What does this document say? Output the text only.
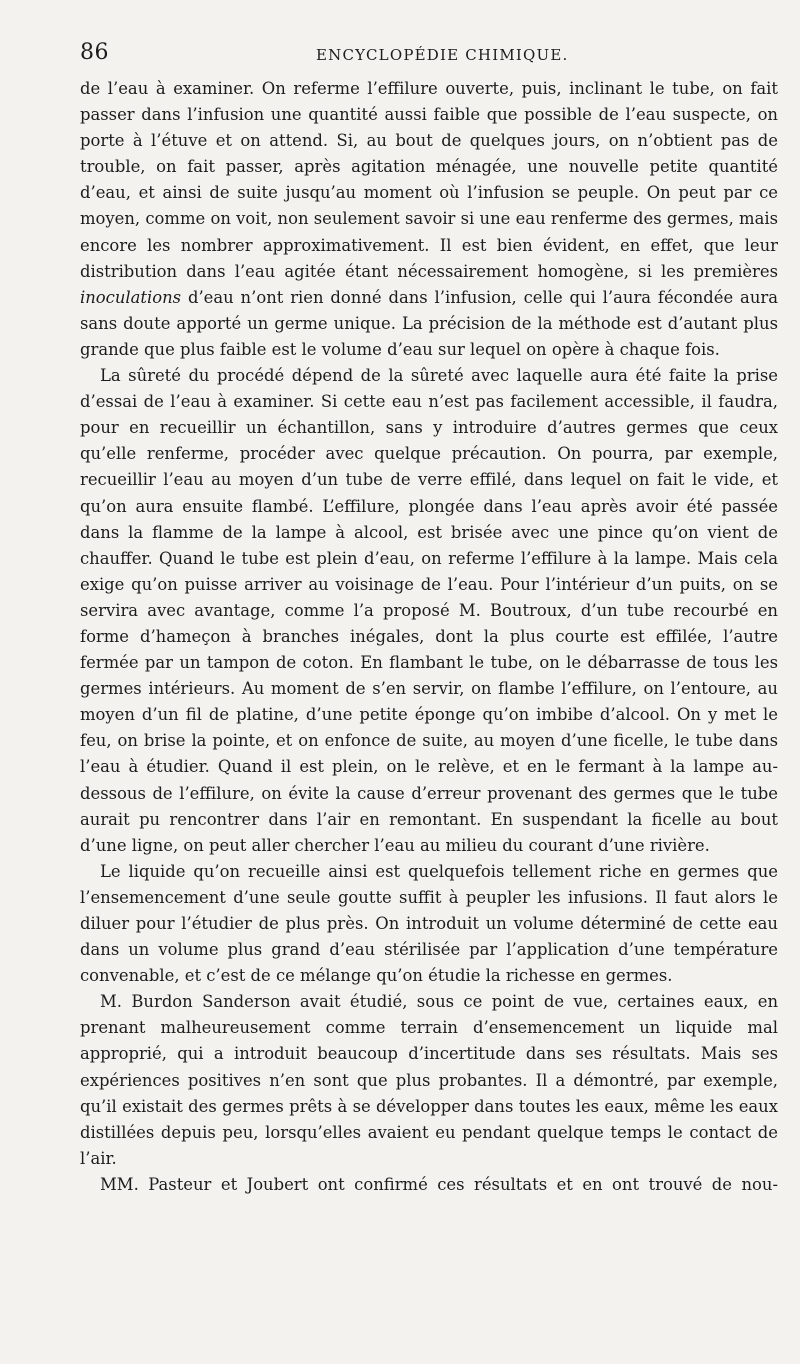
86	ENCYCLOPÉDIE CHIMIQUE.

de l’eau à examiner. On referme l’effilure ouverte, puis, inclinant le tube, on fait passer dans l’infusion une quantité aussi faible que possible de l’eau suspecte, on porte à l’étuve et on attend. Si, au bout de quelques jours, on n’obtient pas de trouble, on fait passer, après agitation ménagée, une nouvelle petite quantité d’eau, et ainsi de suite jusqu’au moment où l’infusion se peuple. On peut par ce moyen, comme on voit, non seulement savoir si une eau renferme des germes, mais encore les nombrer approximativement. Il est bien évident, en effet, que leur distribution dans l’eau agitée étant nécessairement homogène, si les premières inoculations d’eau n’ont rien donné dans l’infusion, celle qui l’aura fécondée aura sans doute apporté un germe unique. La précision de la méthode est d’autant plus grande que plus faible est le volume d’eau sur lequel on opère à chaque fois.

La sûreté du procédé dépend de la sûreté avec laquelle aura été faite la prise d’essai de l’eau à examiner. Si cette eau n’est pas facilement accessible, il faudra, pour en recueillir un échantillon, sans y introduire d’autres germes que ceux qu’elle renferme, procéder avec quelque précaution. On pourra, par exemple, recueillir l’eau au moyen d’un tube de verre effilé, dans lequel on fait le vide, et qu’on aura ensuite flambé. L’effilure, plongée dans l’eau après avoir été passée dans la flamme de la lampe à alcool, est brisée avec une pince qu’on vient de chauffer. Quand le tube est plein d’eau, on referme l’effilure à la lampe. Mais cela exige qu’on puisse arriver au voisinage de l’eau. Pour l’intérieur d’un puits, on se servira avec avantage, comme l’a proposé M. Boutroux, d’un tube recourbé en forme d’hameçon à branches inégales, dont la plus courte est effilée, l’autre fermée par un tampon de coton. En flambant le tube, on le débarrasse de tous les germes intérieurs. Au moment de s’en servir, on flambe l’effilure, on l’entoure, au moyen d’un fil de platine, d’une petite éponge qu’on imbibe d’alcool. On y met le feu, on brise la pointe, et on enfonce de suite, au moyen d’une ficelle, le tube dans l’eau à étudier. Quand il est plein, on le relève, et en le fermant à la lampe au-dessous de l’effilure, on évite la cause d’erreur provenant des germes que le tube aurait pu rencontrer dans l’air en remontant. En suspendant la ficelle au bout d’une ligne, on peut aller chercher l’eau au milieu du courant d’une rivière.

Le liquide qu’on recueille ainsi est quelquefois tellement riche en germes que l’ensemencement d’une seule goutte suffit à peupler les infusions. Il faut alors le diluer pour l’étudier de plus près. On introduit un volume déterminé de cette eau dans un volume plus grand d’eau stérilisée par l’application d’une température convenable, et c’est de ce mélange qu’on étudie la richesse en germes.

M. Burdon Sanderson avait étudié, sous ce point de vue, certaines eaux, en prenant malheureusement comme terrain d’ensemencement un liquide mal approprié, qui a introduit beaucoup d’incertitude dans ses résultats. Mais ses expériences positives n’en sont que plus probantes. Il a démontré, par exemple, qu’il existait des germes prêts à se développer dans toutes les eaux, même les eaux distillées depuis peu, lorsqu’elles avaient eu pendant quelque temps le contact de l’air.

MM. Pasteur et Joubert ont confirmé ces résultats et en ont trouvé de nou-
